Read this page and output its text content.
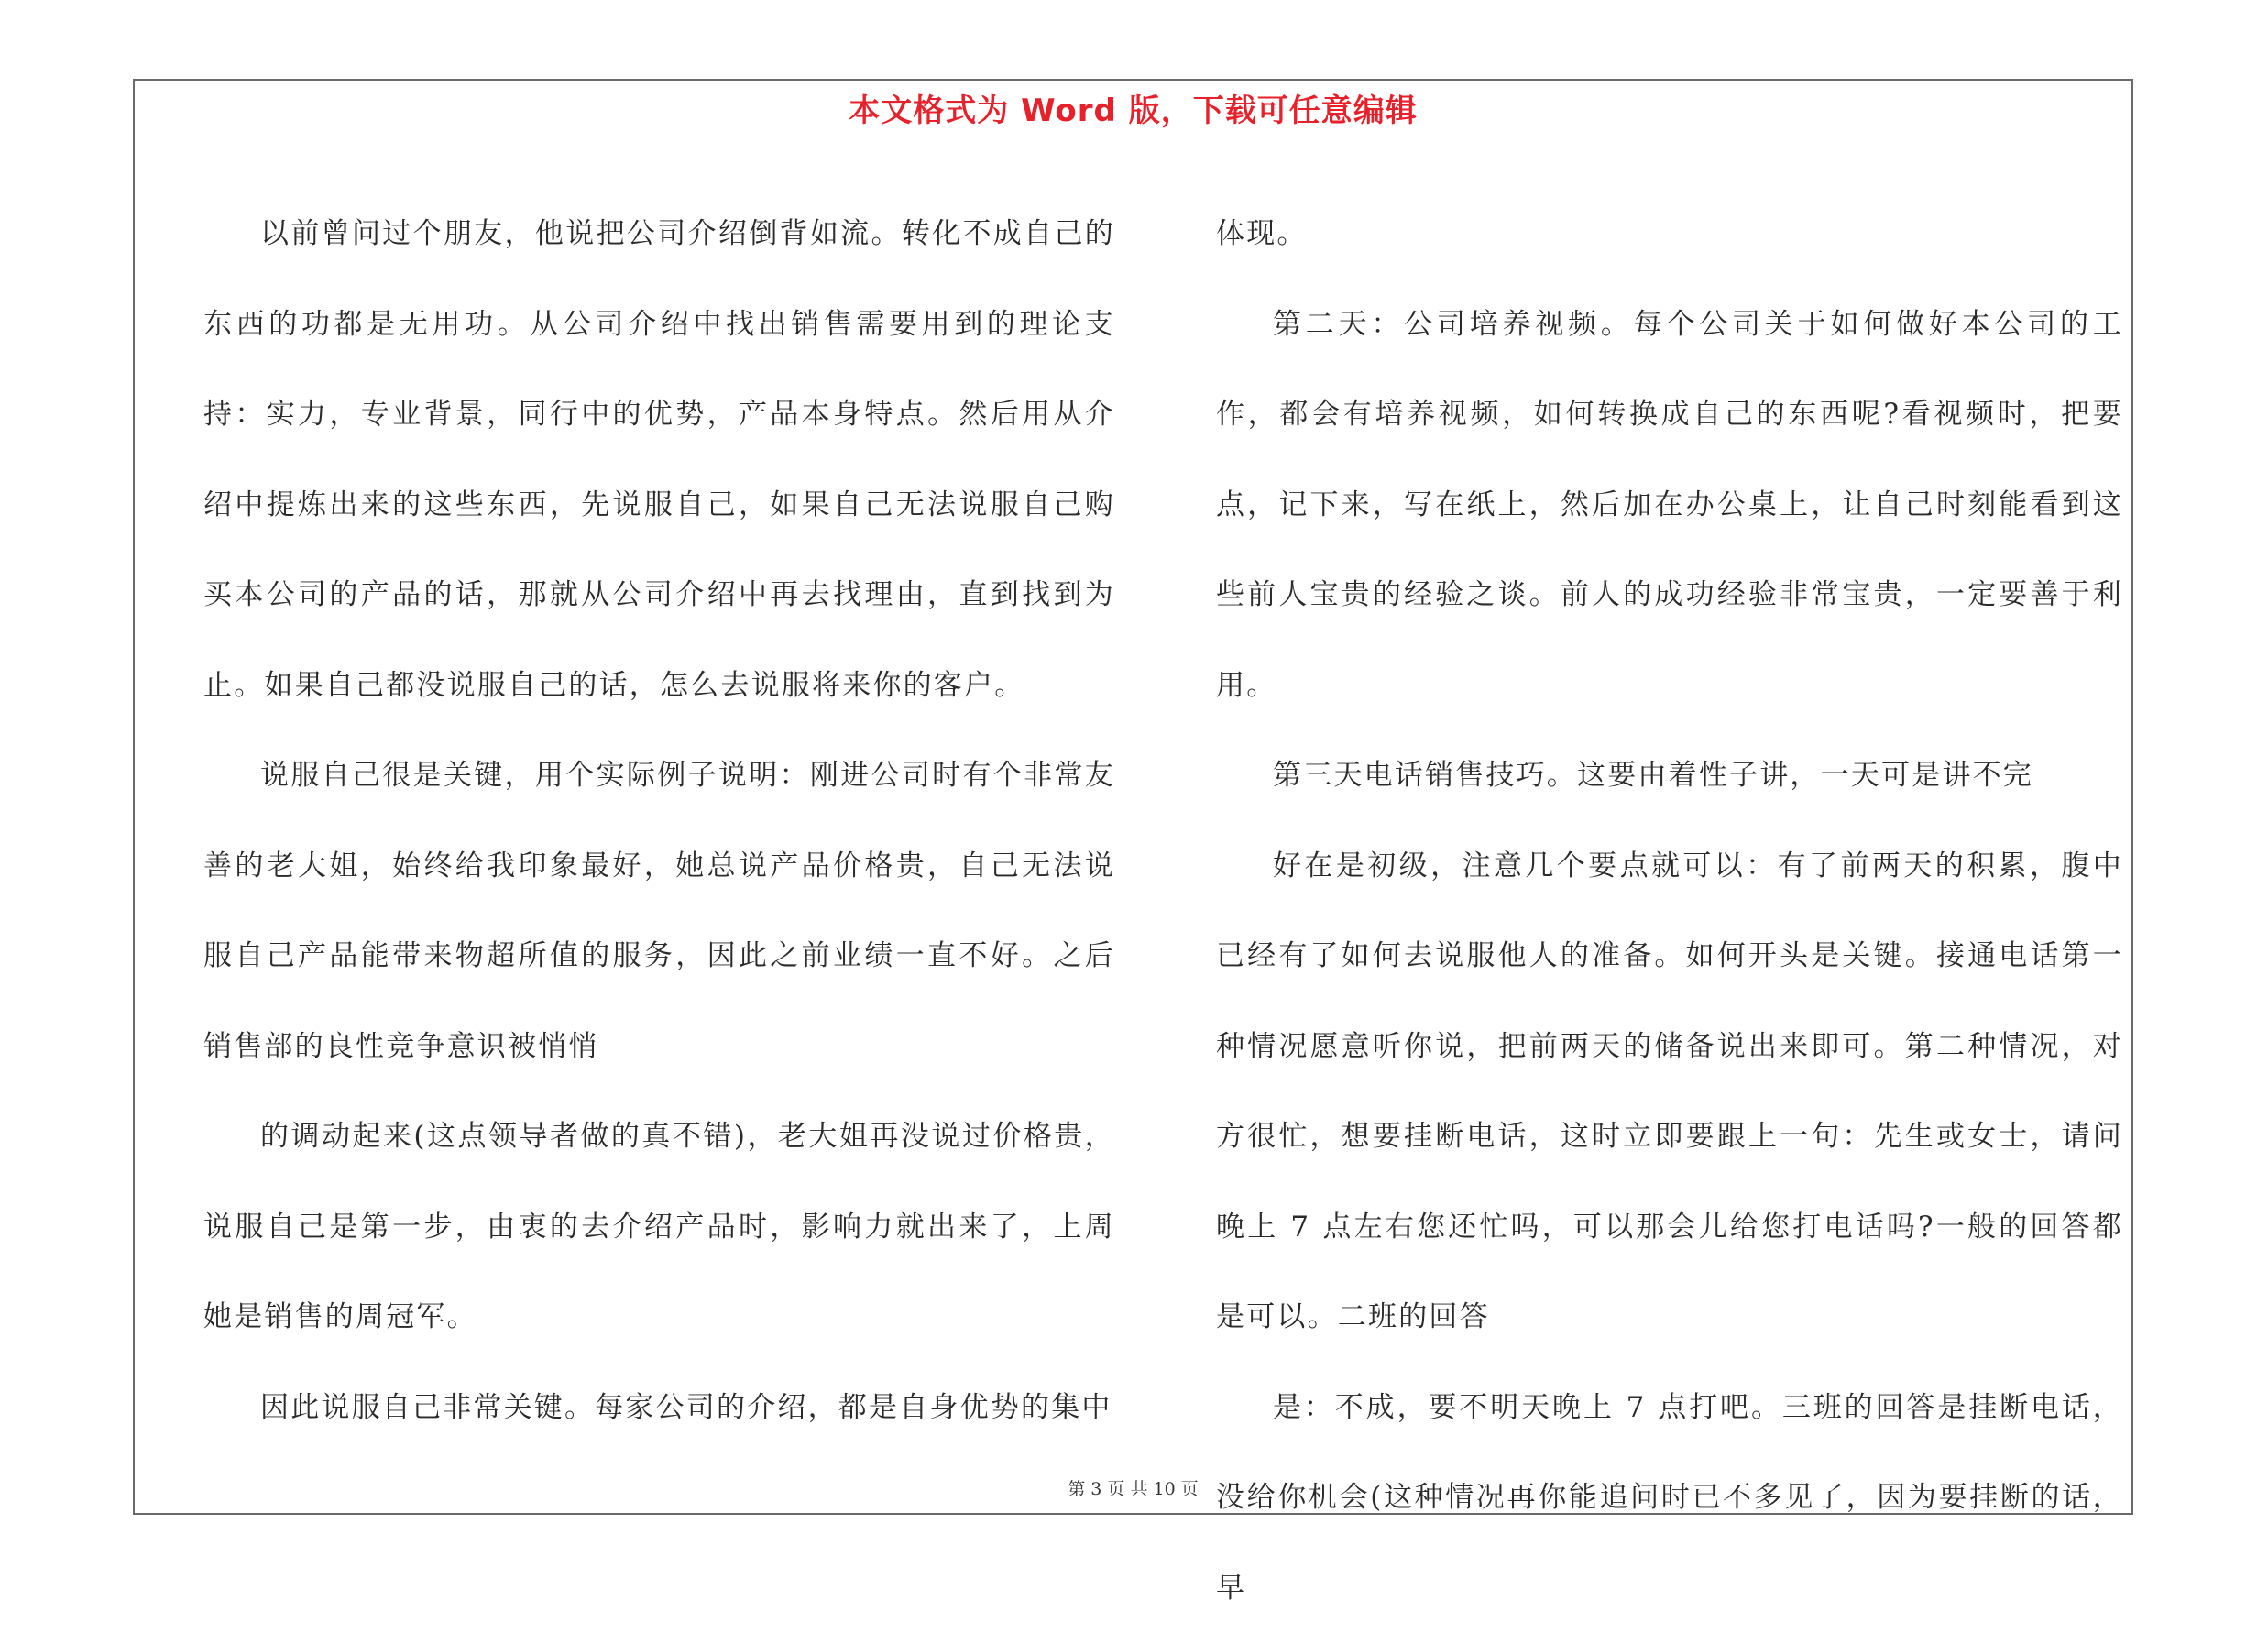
本文格式为 Word 版，下载可任意编辑

以前曾问过个朋友，他说把公司介绍倒背如流。转化不成自己的东西的功都是无用功。从公司介绍中找出销售需要用到的理论支持：实力，专业背景，同行中的优势，产品本身特点。然后用从介绍中提炼出来的这些东西，先说服自己，如果自己无法说服自己购买本公司的产品的话，那就从公司介绍中再去找理由，直到找到为止。如果自己都没说服自己的话，怎么去说服将来你的客户。

说服自己很是关键，用个实际例子说明：刚进公司时有个非常友善的老大姐，始终给我印象最好，她总说产品价格贵，自己无法说服自己产品能带来物超所值的服务，因此之前业绩一直不好。之后销售部的良性竞争意识被悄悄

的调动起来(这点领导者做的真不错)，老大姐再没说过价格贵，说服自己是第一步，由衷的去介绍产品时，影响力就出来了，上周她是销售的周冠军。

因此说服自己非常关键。每家公司的介绍，都是自身优势的集中

体现。

第二天：公司培养视频。每个公司关于如何做好本公司的工作，都会有培养视频，如何转换成自己的东西呢?看视频时，把要点，记下来，写在纸上，然后加在办公桌上，让自己时刻能看到这些前人宝贵的经验之谈。前人的成功经验非常宝贵，一定要善于利用。

第三天电话销售技巧。这要由着性子讲，一天可是讲不完

好在是初级，注意几个要点就可以：有了前两天的积累，腹中已经有了如何去说服他人的准备。如何开头是关键。接通电话第一种情况愿意听你说，把前两天的储备说出来即可。第二种情况，对方很忙，想要挂断电话，这时立即要跟上一句：先生或女士，请问晚上 7 点左右您还忙吗，可以那会儿给您打电话吗?一般的回答都是可以。二班的回答

是：不成，要不明天晚上 7 点打吧。三班的回答是挂断电话，没给你机会(这种情况再你能追问时已不多见了，因为要挂断的话，早

第 3 页 共 10 页
